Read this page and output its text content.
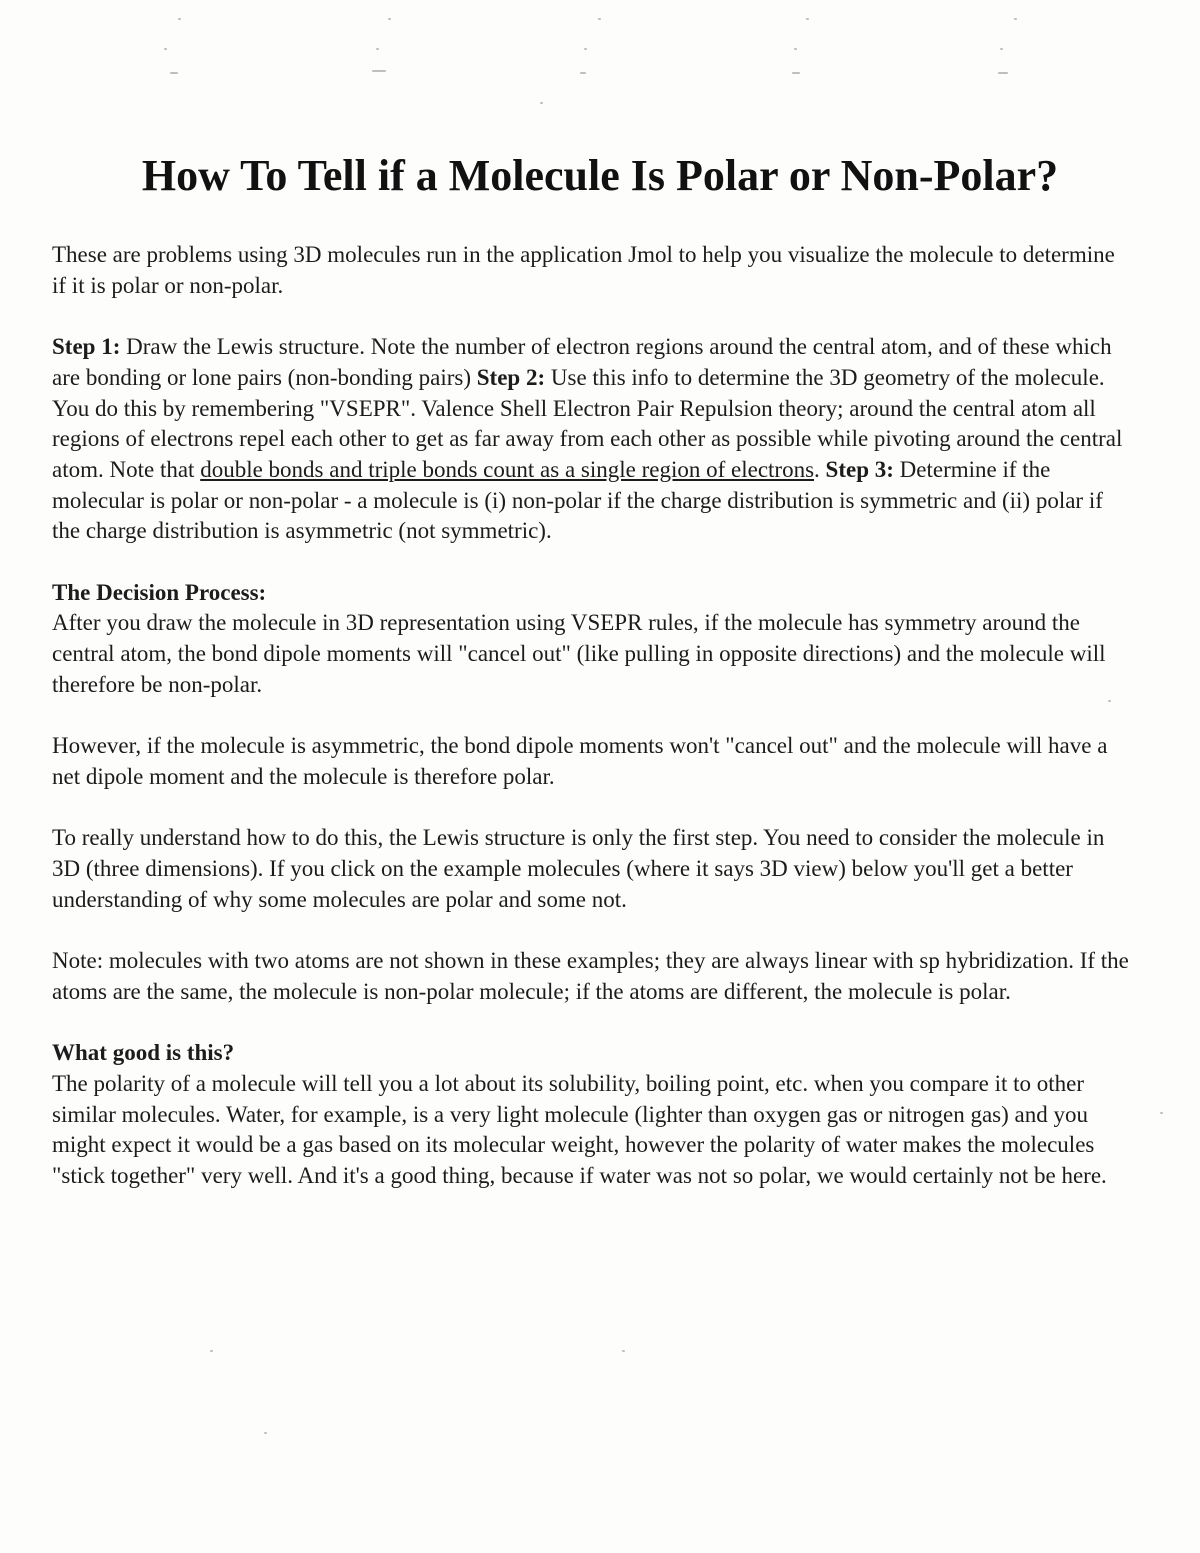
How To Tell if a Molecule Is Polar or Non-Polar?

These are problems using 3D molecules run in the application Jmol to help you visualize the molecule to determine if it is polar or non-polar.

Step 1: Draw the Lewis structure. Note the number of electron regions around the central atom, and of these which are bonding or lone pairs (non-bonding pairs) Step 2: Use this info to determine the 3D geometry of the molecule. You do this by remembering "VSEPR". Valence Shell Electron Pair Repulsion theory; around the central atom all regions of electrons repel each other to get as far away from each other as possible while pivoting around the central atom. Note that double bonds and triple bonds count as a single region of electrons. Step 3: Determine if the molecular is polar or non-polar - a molecule is (i) non-polar if the charge distribution is symmetric and (ii) polar if the charge distribution is asymmetric (not symmetric).

The Decision Process:
After you draw the molecule in 3D representation using VSEPR rules, if the molecule has symmetry around the central atom, the bond dipole moments will "cancel out" (like pulling in opposite directions) and the molecule will therefore be non-polar.

However, if the molecule is asymmetric, the bond dipole moments won't "cancel out" and the molecule will have a net dipole moment and the molecule is therefore polar.

To really understand how to do this, the Lewis structure is only the first step. You need to consider the molecule in 3D (three dimensions). If you click on the example molecules (where it says 3D view) below you'll get a better understanding of why some molecules are polar and some not.

Note: molecules with two atoms are not shown in these examples; they are always linear with sp hybridization. If the atoms are the same, the molecule is non-polar molecule; if the atoms are different, the molecule is polar.

What good is this?
The polarity of a molecule will tell you a lot about its solubility, boiling point, etc. when you compare it to other similar molecules. Water, for example, is a very light molecule (lighter than oxygen gas or nitrogen gas) and you might expect it would be a gas based on its molecular weight, however the polarity of water makes the molecules "stick together" very well. And it's a good thing, because if water was not so polar, we would certainly not be here.
